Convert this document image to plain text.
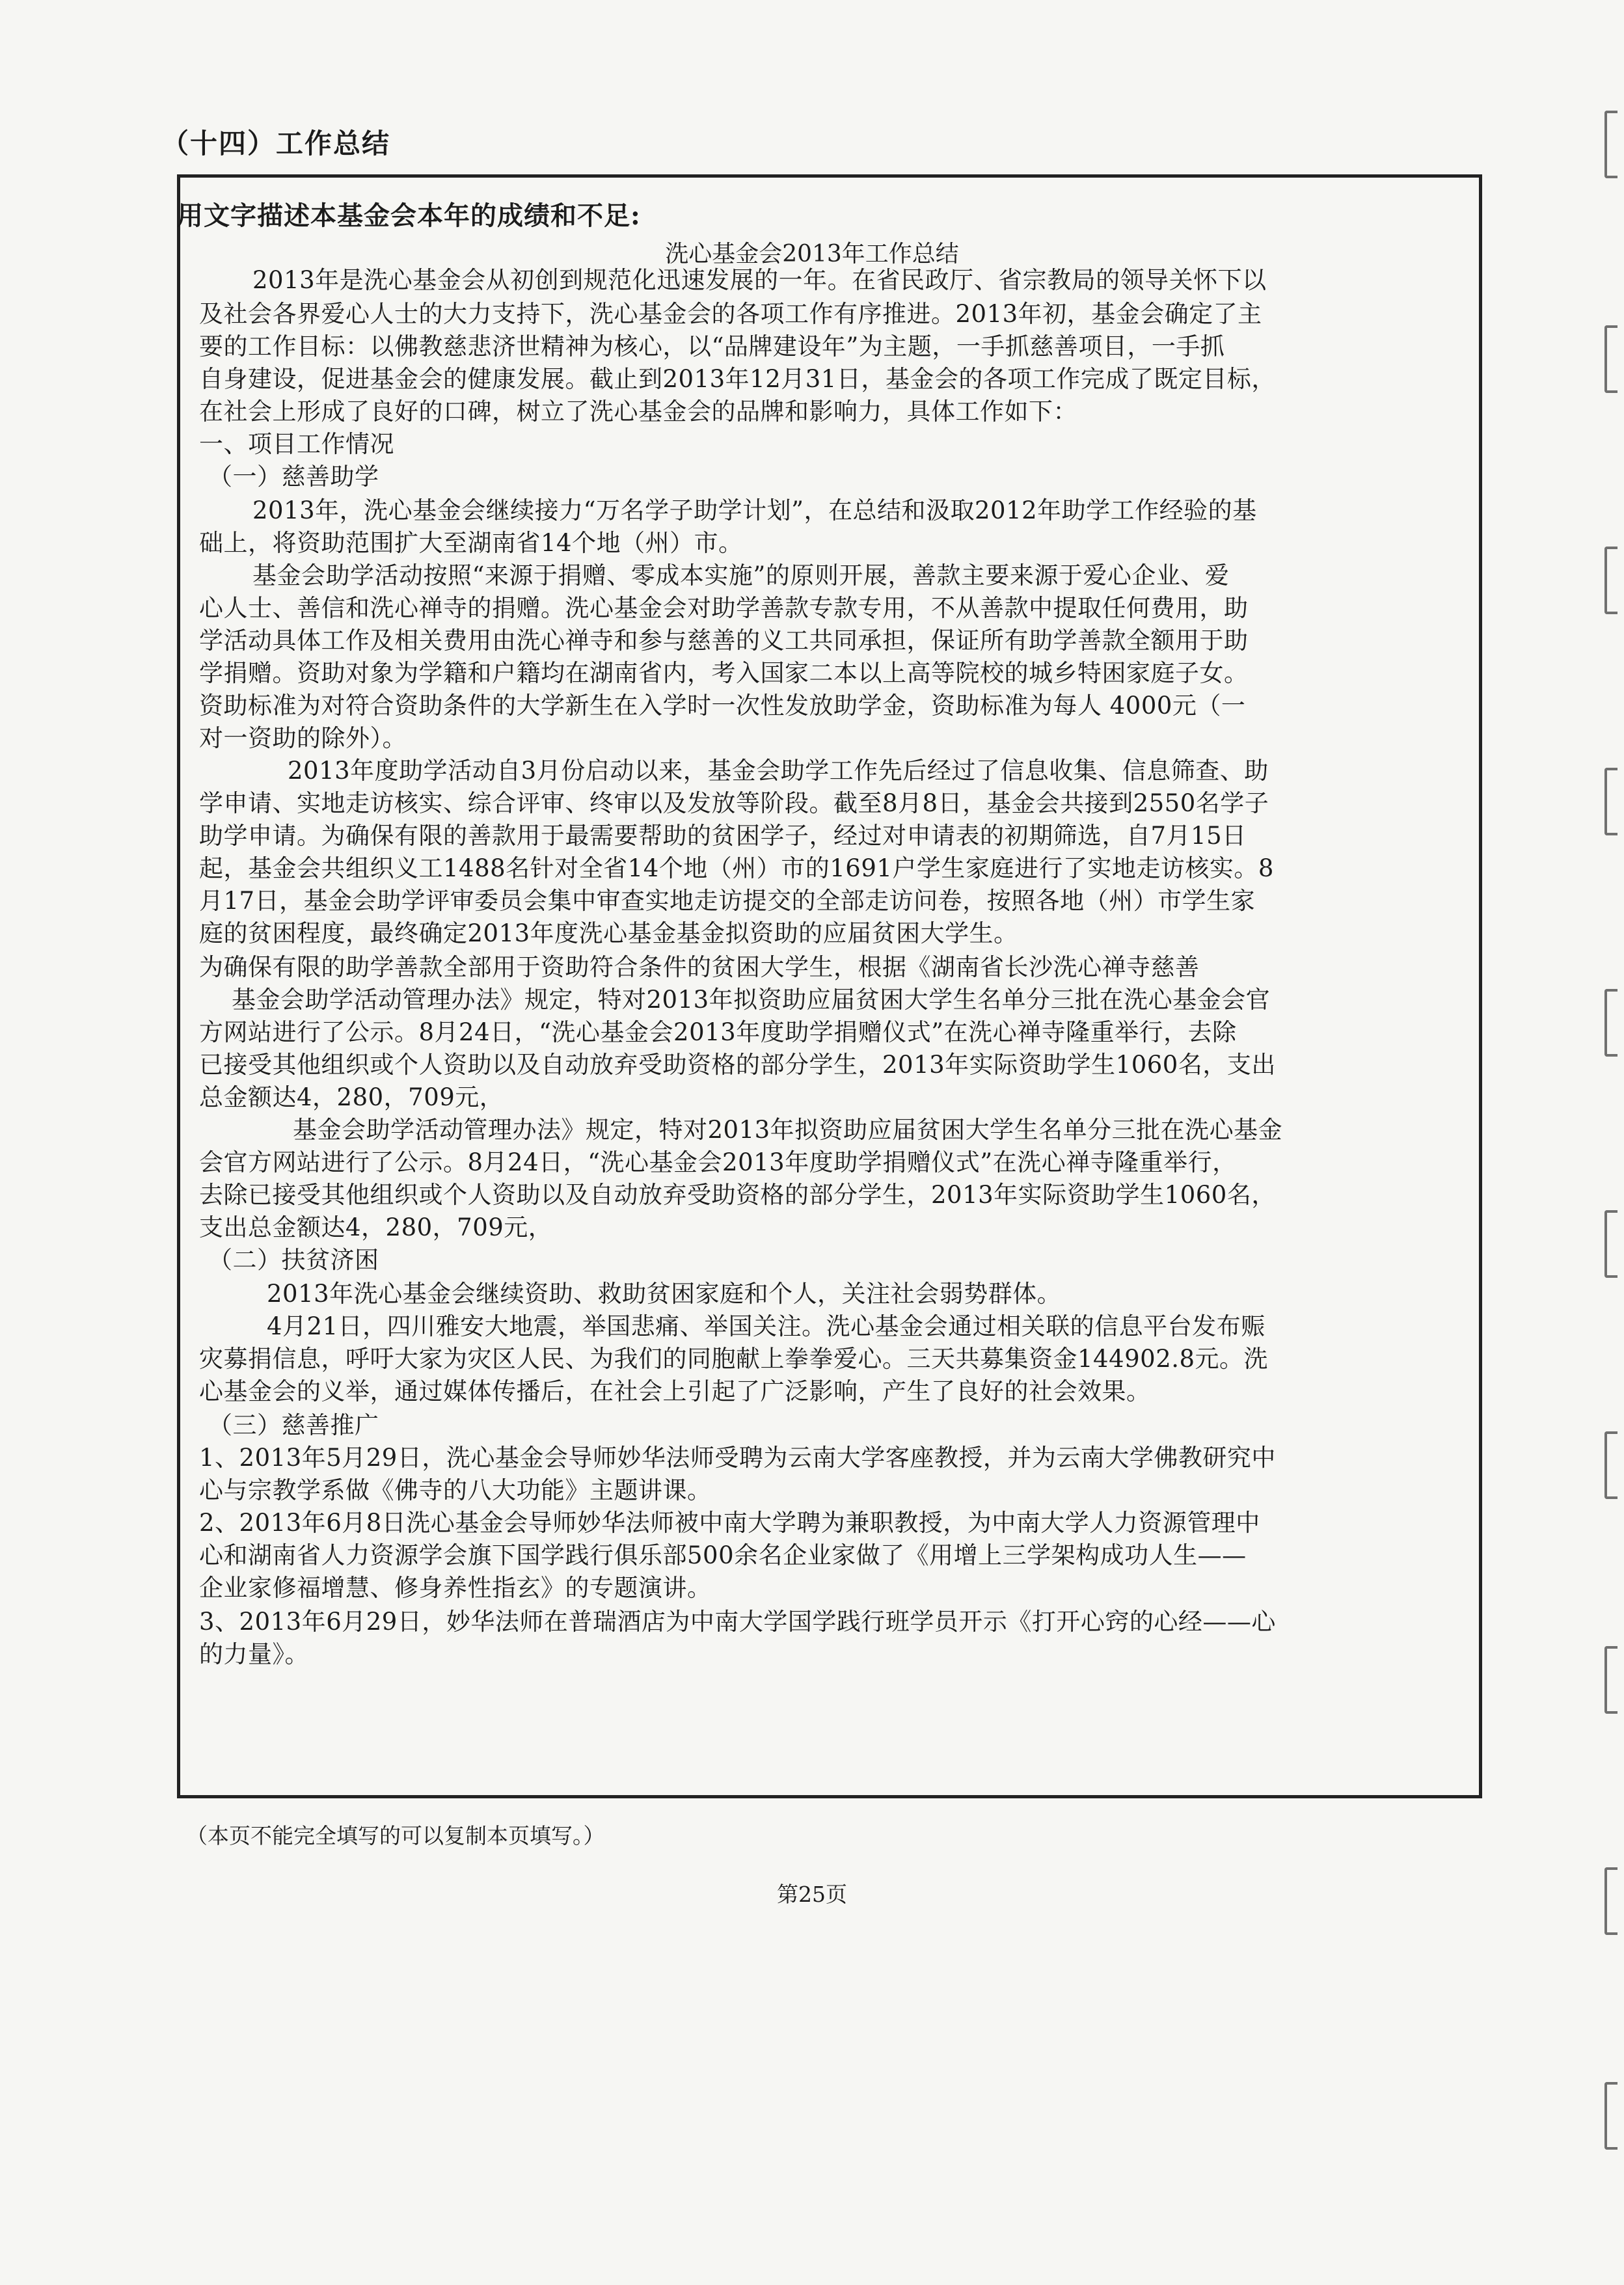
（十四）工作总结
用文字描述本基金会本年的成绩和不足:
洗心基金会2013年工作总结
2013年是洗心基金会从初创到规范化迅速发展的一年。在省民政厅、省宗教局的领导关怀下以
及社会各界爱心人士的大力支持下，洗心基金会的各项工作有序推进。2013年初，基金会确定了主
要的工作目标：以佛教慈悲济世精神为核心，以“品牌建设年”为主题，一手抓慈善项目，一手抓
自身建设，促进基金会的健康发展。截止到2013年12月31日，基金会的各项工作完成了既定目标，
在社会上形成了良好的口碑，树立了洗心基金会的品牌和影响力，具体工作如下：
一、项目工作情况
（一）慈善助学
2013年，洗心基金会继续接力“万名学子助学计划”，在总结和汲取2012年助学工作经验的基
础上，将资助范围扩大至湖南省14个地（州）市。
基金会助学活动按照“来源于捐赠、零成本实施”的原则开展，善款主要来源于爱心企业、爱
心人士、善信和洗心禅寺的捐赠。洗心基金会对助学善款专款专用，不从善款中提取任何费用，助
学活动具体工作及相关费用由洗心禅寺和参与慈善的义工共同承担，保证所有助学善款全额用于助
学捐赠。资助对象为学籍和户籍均在湖南省内，考入国家二本以上高等院校的城乡特困家庭子女。
资助标准为对符合资助条件的大学新生在入学时一次性发放助学金，资助标准为每人 4000元（一
对一资助的除外）。
2013年度助学活动自3月份启动以来，基金会助学工作先后经过了信息收集、信息筛查、助
学申请、实地走访核实、综合评审、终审以及发放等阶段。截至8月8日，基金会共接到2550名学子
助学申请。为确保有限的善款用于最需要帮助的贫困学子，经过对申请表的初期筛选，自7月15日
起，基金会共组织义工1488名针对全省14个地（州）市的1691户学生家庭进行了实地走访核实。8
月17日，基金会助学评审委员会集中审查实地走访提交的全部走访问卷，按照各地（州）市学生家
庭的贫困程度，最终确定2013年度洗心基金基金拟资助的应届贫困大学生。
为确保有限的助学善款全部用于资助符合条件的贫困大学生，根据《湖南省长沙洗心禅寺慈善
基金会助学活动管理办法》规定，特对2013年拟资助应届贫困大学生名单分三批在洗心基金会官
方网站进行了公示。8月24日，“洗心基金会2013年度助学捐赠仪式”在洗心禅寺隆重举行，去除
已接受其他组织或个人资助以及自动放弃受助资格的部分学生，2013年实际资助学生1060名，支出
总金额达4，280，709元，
基金会助学活动管理办法》规定，特对2013年拟资助应届贫困大学生名单分三批在洗心基金
会官方网站进行了公示。8月24日，“洗心基金会2013年度助学捐赠仪式”在洗心禅寺隆重举行，
去除已接受其他组织或个人资助以及自动放弃受助资格的部分学生，2013年实际资助学生1060名，
支出总金额达4，280，709元，
（二）扶贫济困
2013年洗心基金会继续资助、救助贫困家庭和个人，关注社会弱势群体。
4月21日，四川雅安大地震，举国悲痛、举国关注。洗心基金会通过相关联的信息平台发布赈
灾募捐信息，呼吁大家为灾区人民、为我们的同胞献上拳拳爱心。三天共募集资金144902.8元。洗
心基金会的义举，通过媒体传播后，在社会上引起了广泛影响，产生了良好的社会效果。
（三）慈善推广
1、2013年5月29日，洗心基金会导师妙华法师受聘为云南大学客座教授，并为云南大学佛教研究中
心与宗教学系做《佛寺的八大功能》主题讲课。
2、2013年6月8日洗心基金会导师妙华法师被中南大学聘为兼职教授，为中南大学人力资源管理中
心和湖南省人力资源学会旗下国学践行俱乐部500余名企业家做了《用增上三学架构成功人生——
企业家修福增慧、修身养性指玄》的专题演讲。
3、2013年6月29日，妙华法师在普瑞酒店为中南大学国学践行班学员开示《打开心窍的心经——心
的力量》。
（本页不能完全填写的可以复制本页填写。）
第25页
